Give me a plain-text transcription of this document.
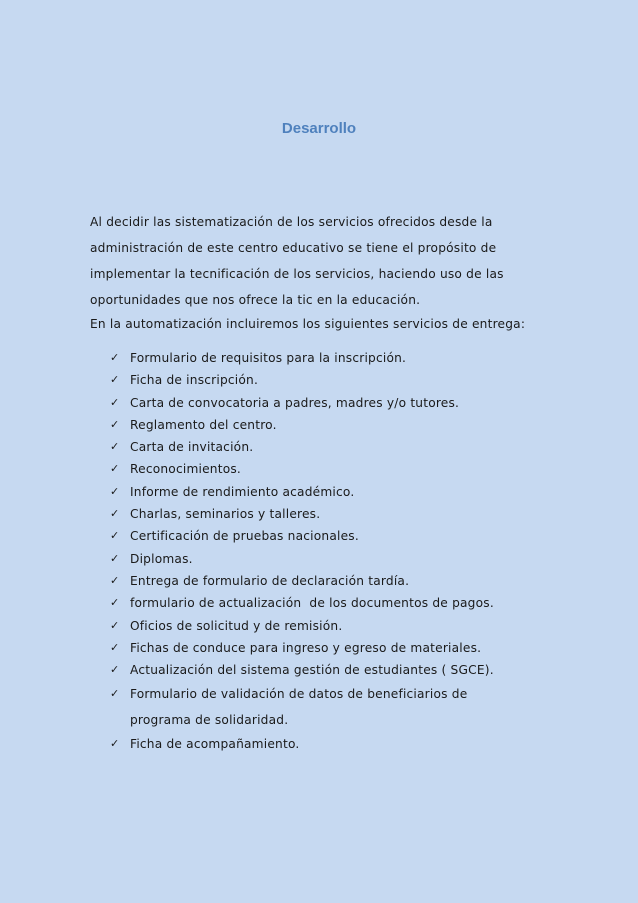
Desarrollo

Al decidir las sistematización de los servicios ofrecidos desde la administración de este centro educativo se tiene el propósito de implementar la tecnificación de los servicios, haciendo uso de las oportunidades que nos ofrece la tic en la educación.

En la automatización incluiremos los siguientes servicios de entrega:
✓ Formulario de requisitos para la inscripción.
✓ Ficha de inscripción.
✓ Carta de convocatoria a padres, madres y/o tutores.
✓ Reglamento del centro.
✓ Carta de invitación.
✓ Reconocimientos.
✓ Informe de rendimiento académico.
✓ Charlas, seminarios y talleres.
✓ Certificación de pruebas nacionales.
✓ Diplomas.
✓ Entrega de formulario de declaración tardía.
✓ formulario de actualización  de los documentos de pagos.
✓ Oficios de solicitud y de remisión.
✓ Fichas de conduce para ingreso y egreso de materiales.
✓ Actualización del sistema gestión de estudiantes ( SGCE).
✓ Formulario de validación de datos de beneficiarios de programa de solidaridad.
✓ Ficha de acompañamiento.
